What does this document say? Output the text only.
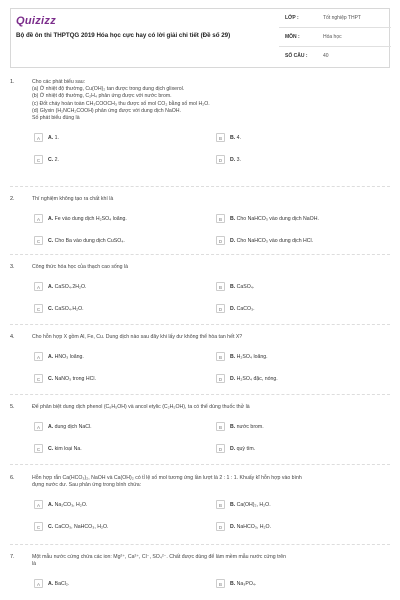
Quizizz
Bộ đề ôn thi THPTQG 2019 Hóa học cực hay có lời giải chi tiết (Đề số 29)
LỚP :	Tốt nghiệp THPT
MÔN :	Hóa học
SỐ CÂU :	40
1.	Cho các phát biểu sau:
(a) Ở nhiệt độ thường, Cu(OH)₂ tan được trong dung dịch glixerol.
(b) Ở nhiệt độ thường, C₂H₄ phản ứng được với nước brom.
(c) Đốt cháy hoàn toàn CH₃COOCH₃ thu được số mol CO₂ bằng số mol H₂O.
(d) Glyxin (H₂NCH₂COOH) phản ứng được với dung dịch NaOH.
Số phát biểu đúng là
A	A. 1.	B	B. 4.
C	C. 2.	D	D. 3.
2.	Thí nghiệm không tạo ra chất khí là
A	A. Fe vào dung dịch H₂SO₄ loãng.	B	B. Cho NaHCO₃ vào dung dịch NaOH.
C	C. Cho Ba vào dung dịch CuSO₄.	D	D. Cho NaHCO₃ vào dung dịch HCl.
3.	Công thức hóa học của thạch cao sống là
A	A. CaSO₄.2H₂O.	B	B. CaSO₄.
C	C. CaSO₄.H₂O.	D	D. CaCO₃.
4.	Cho hỗn hợp X gồm Al, Fe, Cu. Dung dịch nào sau đây khi lấy dư không thể hòa tan hết X?
A	A. HNO₃ loãng.	B	B. H₂SO₄ loãng.
C	C. NaNO₃ trong HCl.	D	D. H₂SO₄ đặc, nóng.
5.	Để phân biệt dung dịch phenol (C₆H₅OH) và ancol etylic (C₂H₅OH), ta có thể dùng thuốc thử là
A	A. dung dịch NaCl.	B	B. nước brom.
C	C. kim loại Na.	D	D. quỳ tím.
6.	Hỗn hợp rắn Ca(HCO₃)₂, NaOH và Ca(OH)₂ có tỉ lệ số mol tương ứng lần lượt là 2 : 1 : 1. Khuấy kĩ hỗn hợp vào bình
đựng nước dư. Sau phản ứng trong bình chứa:
A	A. Na₂CO₃, H₂O.	B	B. Ca(OH)₂, H₂O.
C	C. CaCO₃, NaHCO₃, H₂O.	D	D. NaHCO₃, H₂O.
7.	Một mẫu nước cứng chứa các ion: Mg²⁺, Ca²⁺, Cl⁻, SO₄²⁻. Chất được dùng để làm mềm mẫu nước cứng trên
là
A	A. BaCl₂.	B	B. Na₃PO₄.
